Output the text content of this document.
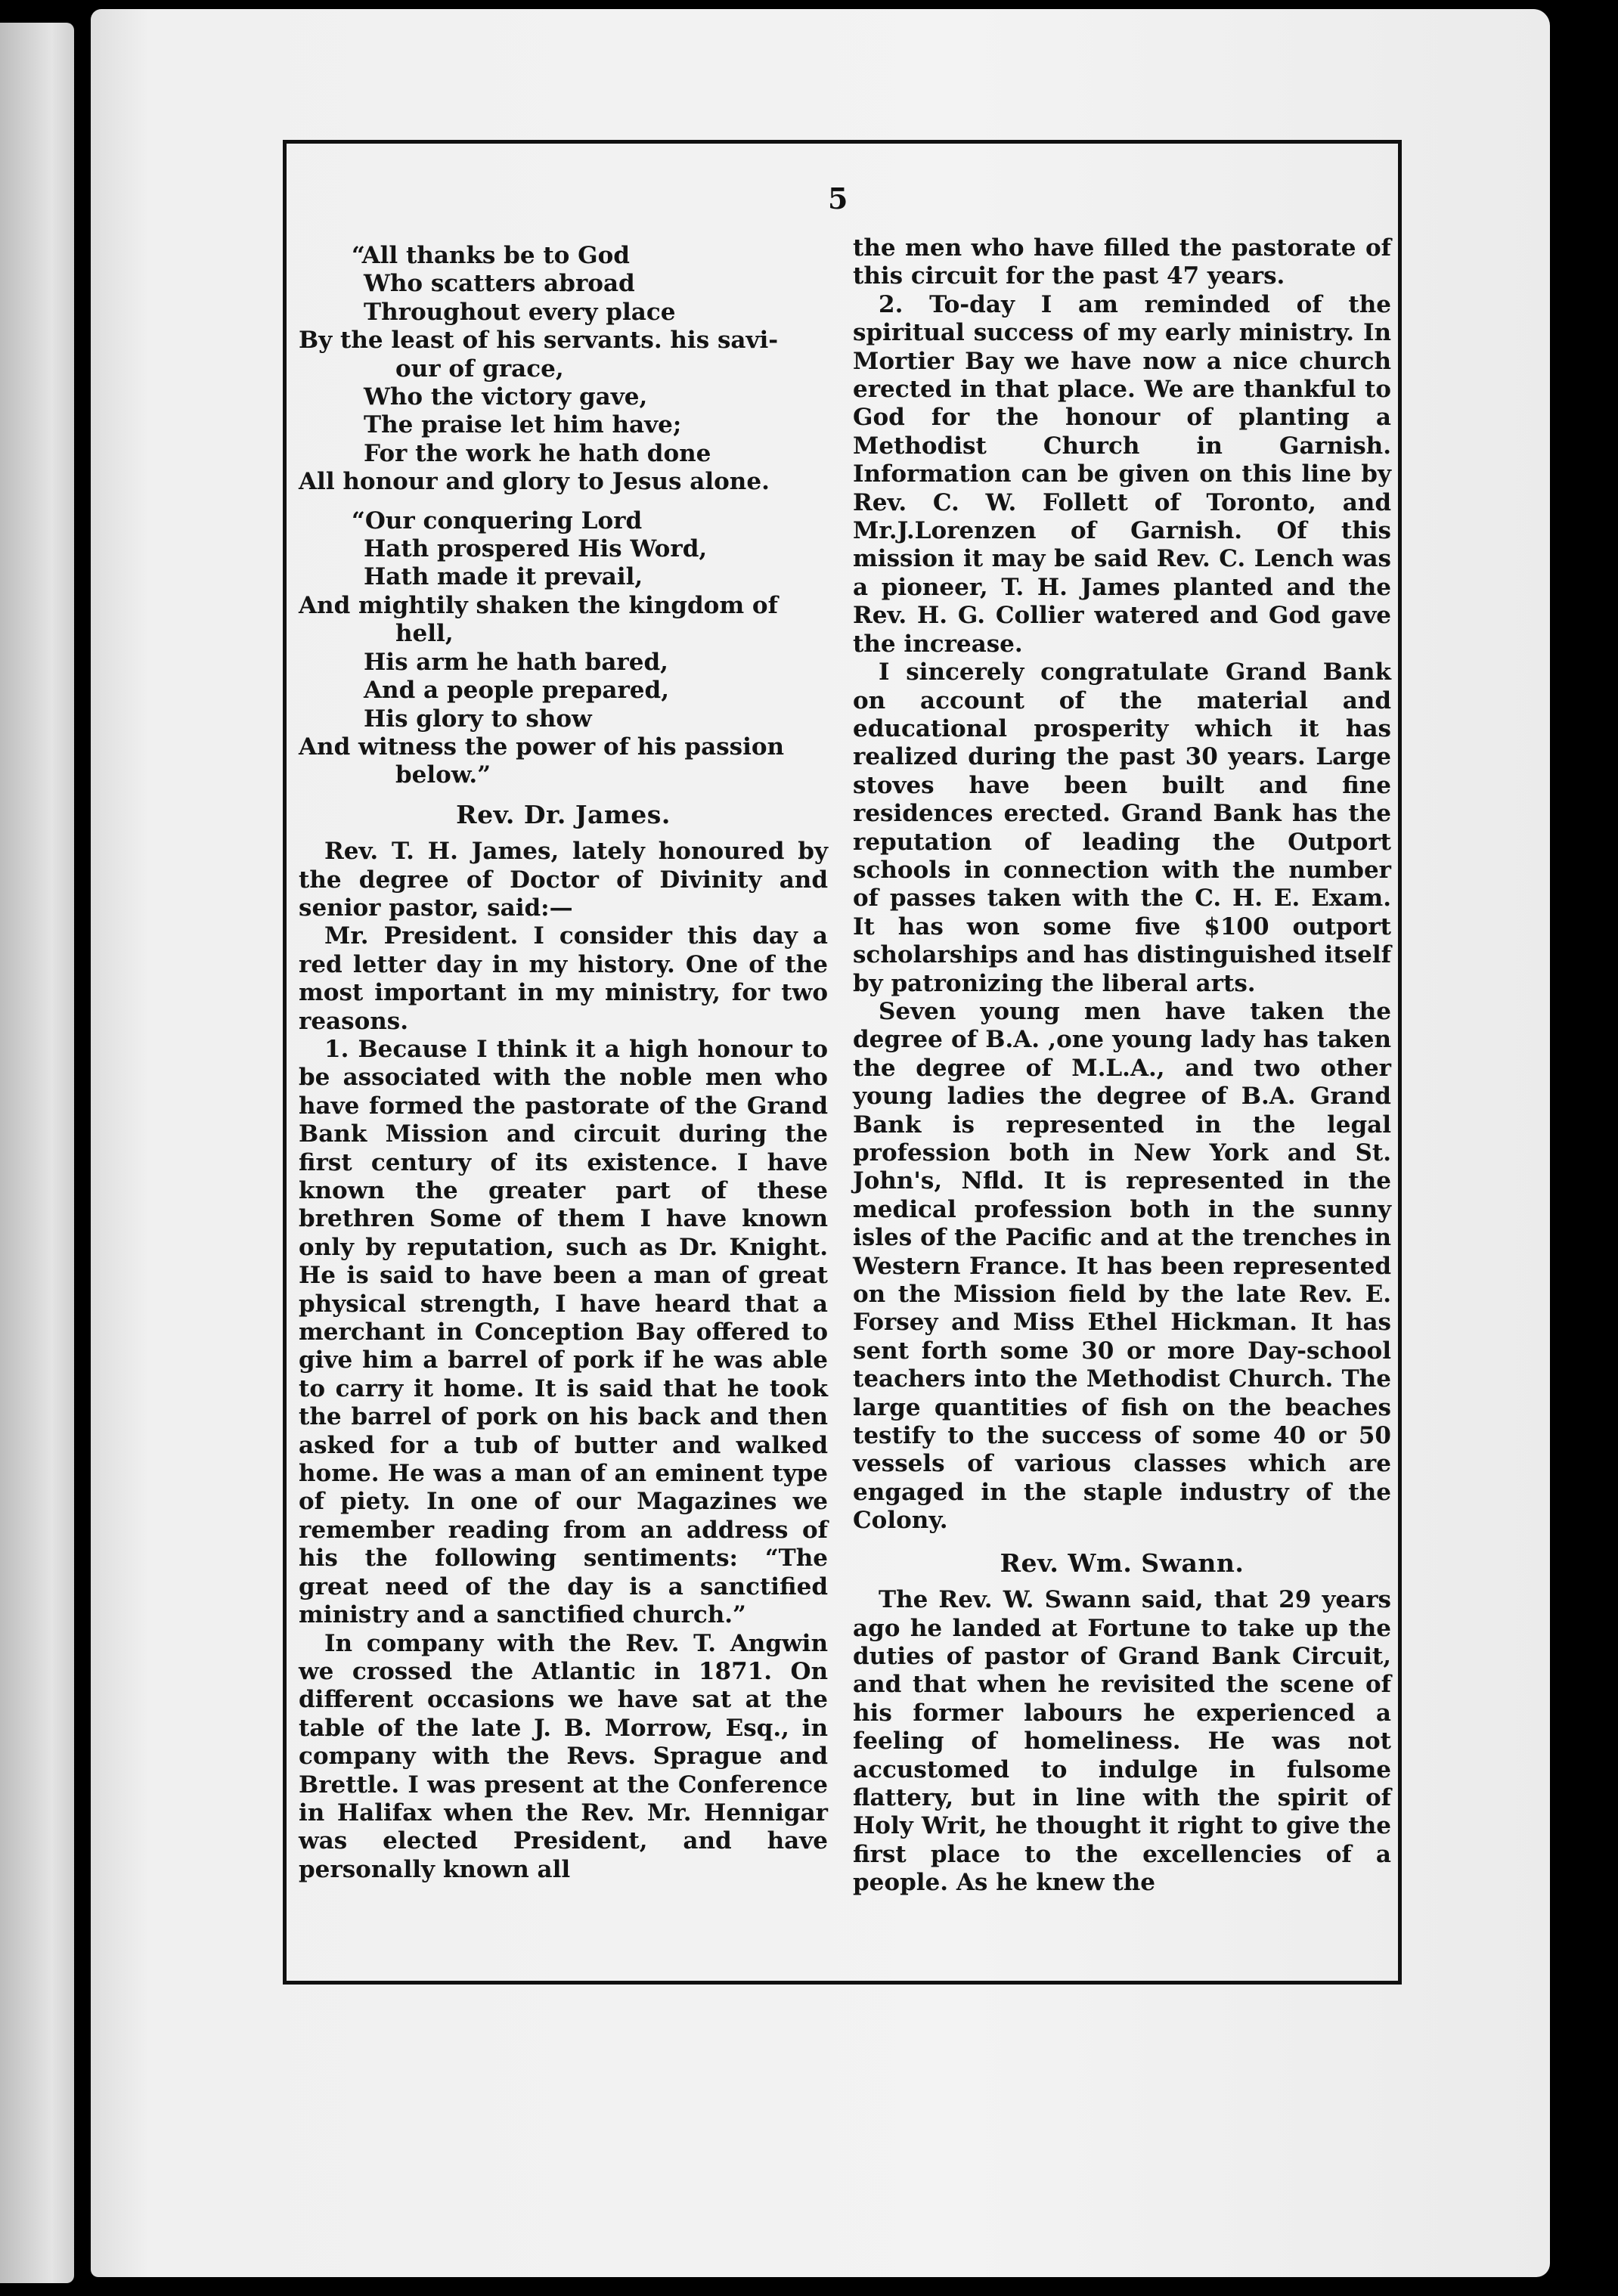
5
“All thanks be to God
Who scatters abroad
Throughout every place
By the least of his servants. his savi-
our of grace,
Who the victory gave,
The praise let him have;
For the work he hath done
All honour and glory to Jesus alone.
“Our conquering Lord
Hath prospered His Word,
Hath made it prevail,
And mightily shaken the kingdom of
hell,
His arm he hath bared,
And a people prepared,
His glory to show
And witness the power of his passion
below.”
Rev. Dr. James.

Rev. T. H. James, lately honoured by the degree of Doctor of Divinity and senior pastor, said:—

Mr. President. I consider this day a red letter day in my history. One of the most important in my ministry, for two reasons.

1. Because I think it a high honour to be associated with the noble men who have formed the pastorate of the Grand Bank Mission and circuit during the first century of its existence. I have known the greater part of these brethren Some of them I have known only by reputation, such as Dr. Knight. He is said to have been a man of great physical strength, I have heard that a merchant in Conception Bay offered to give him a barrel of pork if he was able to carry it home. It is said that he took the barrel of pork on his back and then asked for a tub of butter and walked home. He was a man of an eminent type of piety. In one of our Magazines we remember reading from an address of his the following sentiments: “The great need of the day is a sanctified ministry and a sanctified church.”

In company with the Rev. T. Angwin we crossed the Atlantic in 1871. On different occasions we have sat at the table of the late J. B. Morrow, Esq., in company with the Revs. Sprague and Brettle. I was present at the Conference in Halifax when the Rev. Mr. Hennigar was elected President, and have personally known all

the men who have filled the pastorate of this circuit for the past 47 years.

2. To-day I am reminded of the spiritual success of my early ministry. In Mortier Bay we have now a nice church erected in that place. We are thankful to God for the honour of planting a Methodist Church in Garnish. Information can be given on this line by Rev. C. W. Follett of Toronto, and Mr.J.Lorenzen of Garnish. Of this mission it may be said Rev. C. Lench was a pioneer, T. H. James planted and the Rev. H. G. Collier watered and God gave the increase.

I sincerely congratulate Grand Bank on account of the material and educational prosperity which it has realized during the past 30 years. Large stoves have been built and fine residences erected. Grand Bank has the reputation of leading the Outport schools in connection with the number of passes taken with the C. H. E. Exam. It has won some five $100 outport scholarships and has distinguished itself by patronizing the liberal arts.

Seven young men have taken the degree of B.A. ,one young lady has taken the degree of M.L.A., and two other young ladies the degree of B.A. Grand Bank is represented in the legal profession both in New York and St. John's, Nfld. It is represented in the medical profession both in the sunny isles of the Pacific and at the trenches in Western France. It has been represented on the Mission field by the late Rev. E. Forsey and Miss Ethel Hickman. It has sent forth some 30 or more Day-school teachers into the Methodist Church. The large quantities of fish on the beaches testify to the success of some 40 or 50 vessels of various classes which are engaged in the staple industry of the Colony.

Rev. Wm. Swann.

The Rev. W. Swann said, that 29 years ago he landed at Fortune to take up the duties of pastor of Grand Bank Circuit, and that when he revisited the scene of his former labours he experienced a feeling of homeliness. He was not accustomed to indulge in fulsome flattery, but in line with the spirit of Holy Writ, he thought it right to give the first place to the excellencies of a people. As he knew the
